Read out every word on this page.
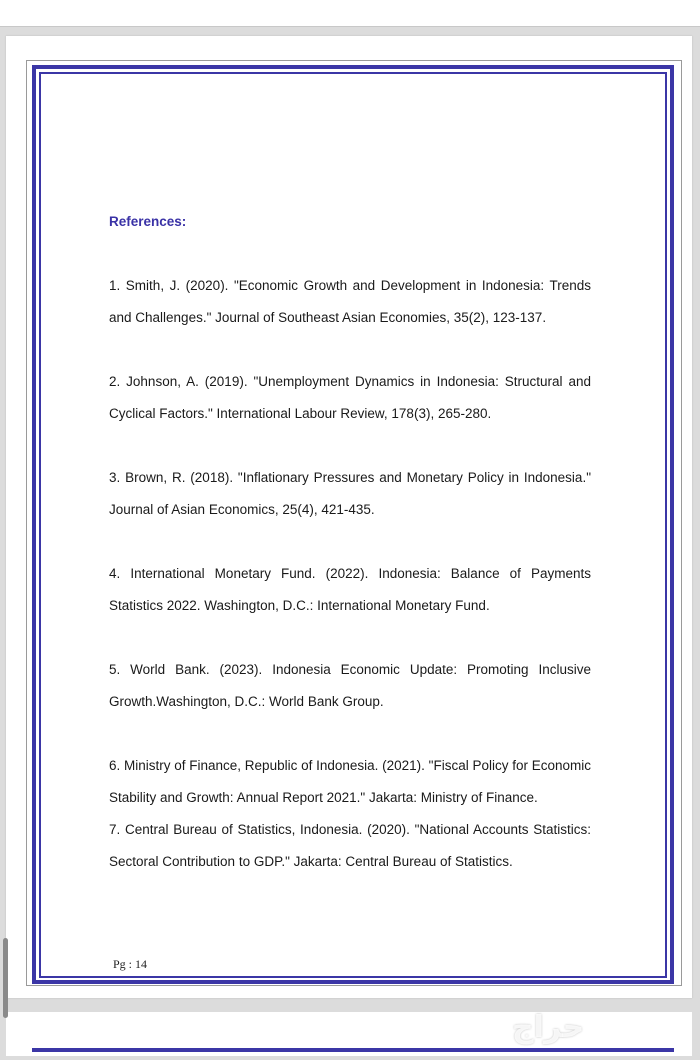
References:

1. Smith, J. (2020). "Economic Growth and Development in Indonesia: Trends and Challenges." Journal of Southeast Asian Economies, 35(2), 123-137.

2. Johnson, A. (2019). "Unemployment Dynamics in Indonesia: Structural and Cyclical Factors." International Labour Review, 178(3), 265-280.

3. Brown, R. (2018). "Inflationary Pressures and Monetary Policy in Indonesia." Journal of Asian Economics, 25(4), 421-435.

4. International Monetary Fund. (2022). Indonesia: Balance of Payments Statistics 2022. Washington, D.C.: International Monetary Fund.

5. World Bank. (2023). Indonesia Economic Update: Promoting Inclusive Growth.Washington, D.C.: World Bank Group.

6. Ministry of Finance, Republic of Indonesia. (2021). "Fiscal Policy for Economic Stability and Growth: Annual Report 2021." Jakarta: Ministry of Finance.

7. Central Bureau of Statistics, Indonesia. (2020). "National Accounts Statistics: Sectoral Contribution to GDP." Jakarta: Central Bureau of Statistics.

Pg : 14
حراج
